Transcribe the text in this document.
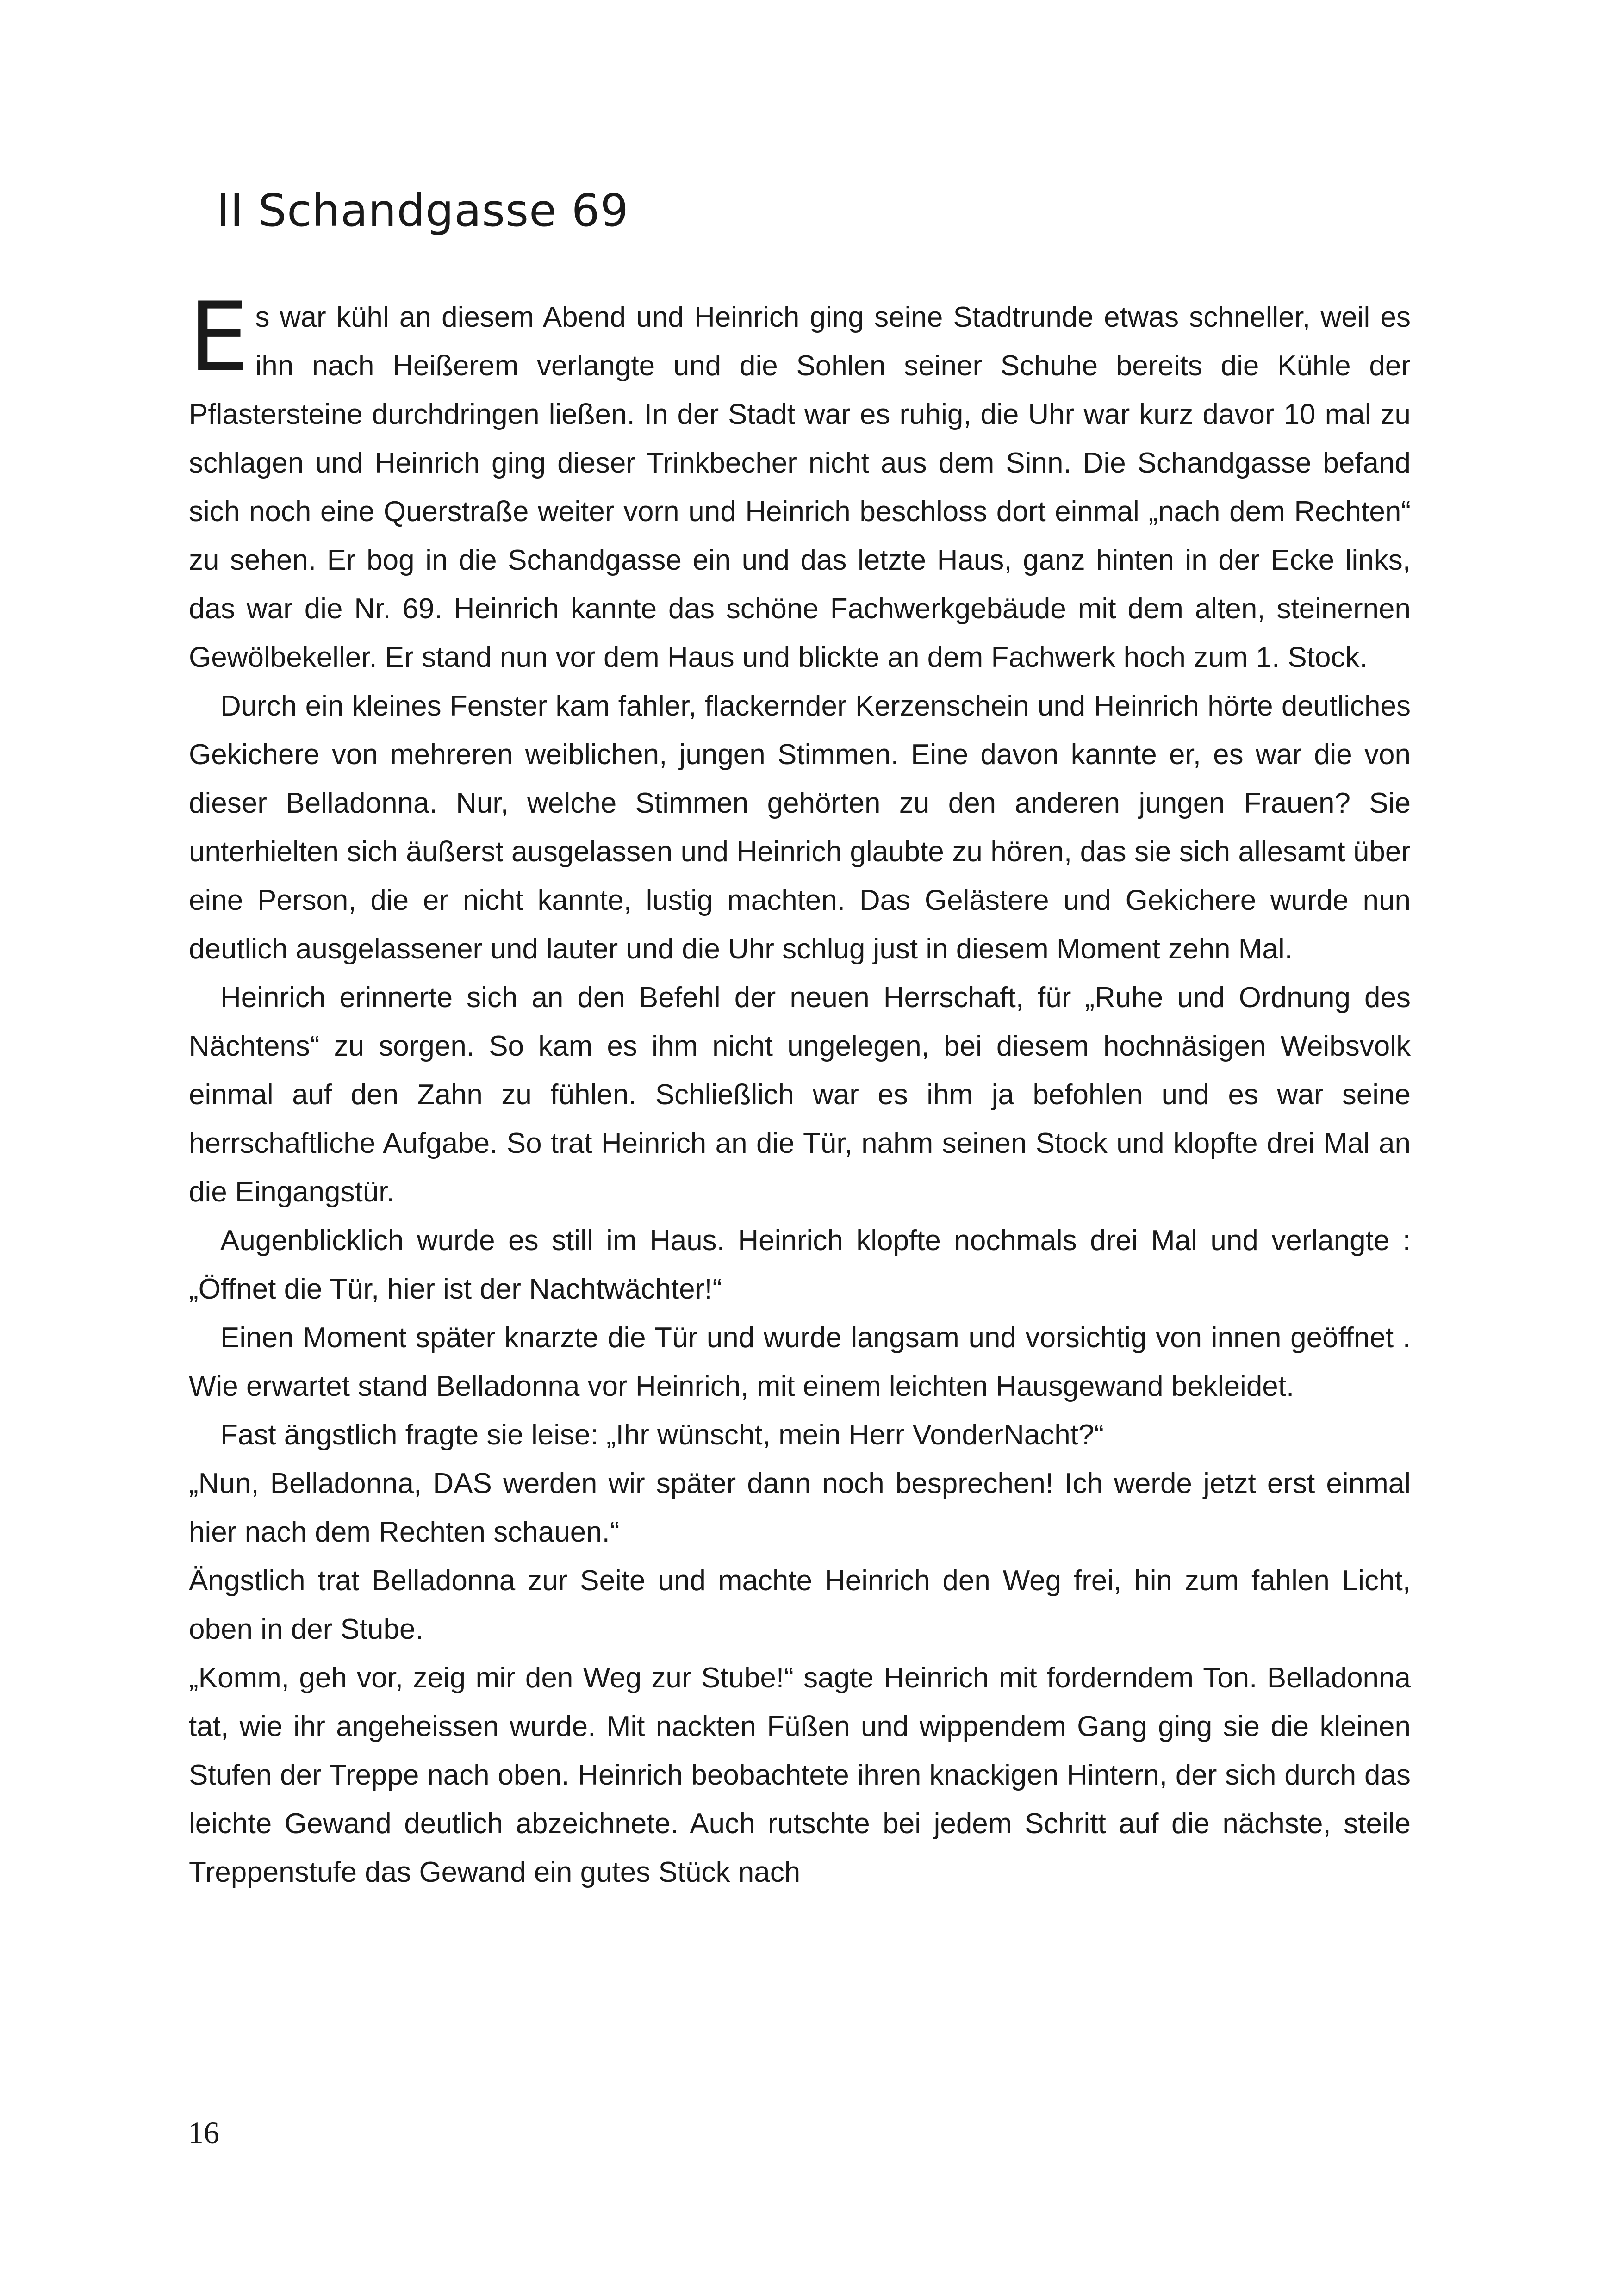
II Schandgasse 69

Es war kühl an diesem Abend und Heinrich ging seine Stadtrunde etwas schneller, weil es ihn nach Heißerem verlangte und die Sohlen seiner Schuhe bereits die Kühle der Pflastersteine durchdringen ließen. In der Stadt war es ruhig, die Uhr war kurz davor 10 mal zu schlagen und Heinrich ging dieser Trinkbecher nicht aus dem Sinn. Die Schandgasse befand sich noch eine Querstraße weiter vorn und Heinrich beschloss dort einmal „nach dem Rechten“ zu sehen. Er bog in die Schandgasse ein und das letzte Haus, ganz hinten in der Ecke links, das war die Nr. 69. Heinrich kannte das schöne Fachwerkgebäude mit dem alten, steinernen Gewölbekeller. Er stand nun vor dem Haus und blickte an dem Fachwerk hoch zum 1. Stock.

Durch ein kleines Fenster kam fahler, flackernder Kerzenschein und Heinrich hörte deutliches Gekichere von mehreren weiblichen, jungen Stimmen. Eine davon kannte er, es war die von dieser Belladonna. Nur, welche Stimmen gehörten zu den anderen jungen Frauen? Sie unterhielten sich äußerst ausgelassen und Heinrich glaubte zu hören, das sie sich allesamt über eine Person, die er nicht kannte, lustig machten. Das Gelästere und Gekichere wurde nun deutlich ausgelassener und lauter und die Uhr schlug just in diesem Moment zehn Mal.

Heinrich erinnerte sich an den Befehl der neuen Herrschaft, für „Ruhe und Ordnung des Nächtens“ zu sorgen. So kam es ihm nicht ungelegen, bei diesem hochnäsigen Weibsvolk einmal auf den Zahn zu fühlen. Schließlich war es ihm ja befohlen und es war seine herrschaftliche Aufgabe. So trat Heinrich an die Tür, nahm seinen Stock und klopfte drei Mal an die Eingangstür.

Augenblicklich wurde es still im Haus. Heinrich klopfte nochmals drei Mal und verlangte :„Öffnet die Tür, hier ist der Nachtwächter!“

Einen Moment später knarzte die Tür und wurde langsam und vorsichtig von innen geöffnet . Wie erwartet stand Belladonna vor Heinrich, mit einem leichten Hausgewand bekleidet.

Fast ängstlich fragte sie leise: „Ihr wünscht, mein Herr VonderNacht?“

„Nun, Belladonna, DAS werden wir später dann noch besprechen! Ich werde jetzt erst einmal hier nach dem Rechten schauen.“

Ängstlich trat Belladonna zur Seite und machte Heinrich den Weg frei, hin zum fahlen Licht, oben in der Stube.

„Komm, geh vor, zeig mir den Weg zur Stube!“ sagte Heinrich mit forderndem Ton. Belladonna tat, wie ihr angeheissen wurde. Mit nackten Füßen und wippendem Gang ging sie die kleinen Stufen der Treppe nach oben. Heinrich beobachtete ihren knackigen Hintern, der sich durch das leichte Gewand deutlich abzeichnete. Auch rutschte bei jedem Schritt auf die nächste, steile Treppenstufe das Gewand ein gutes Stück nach

16
